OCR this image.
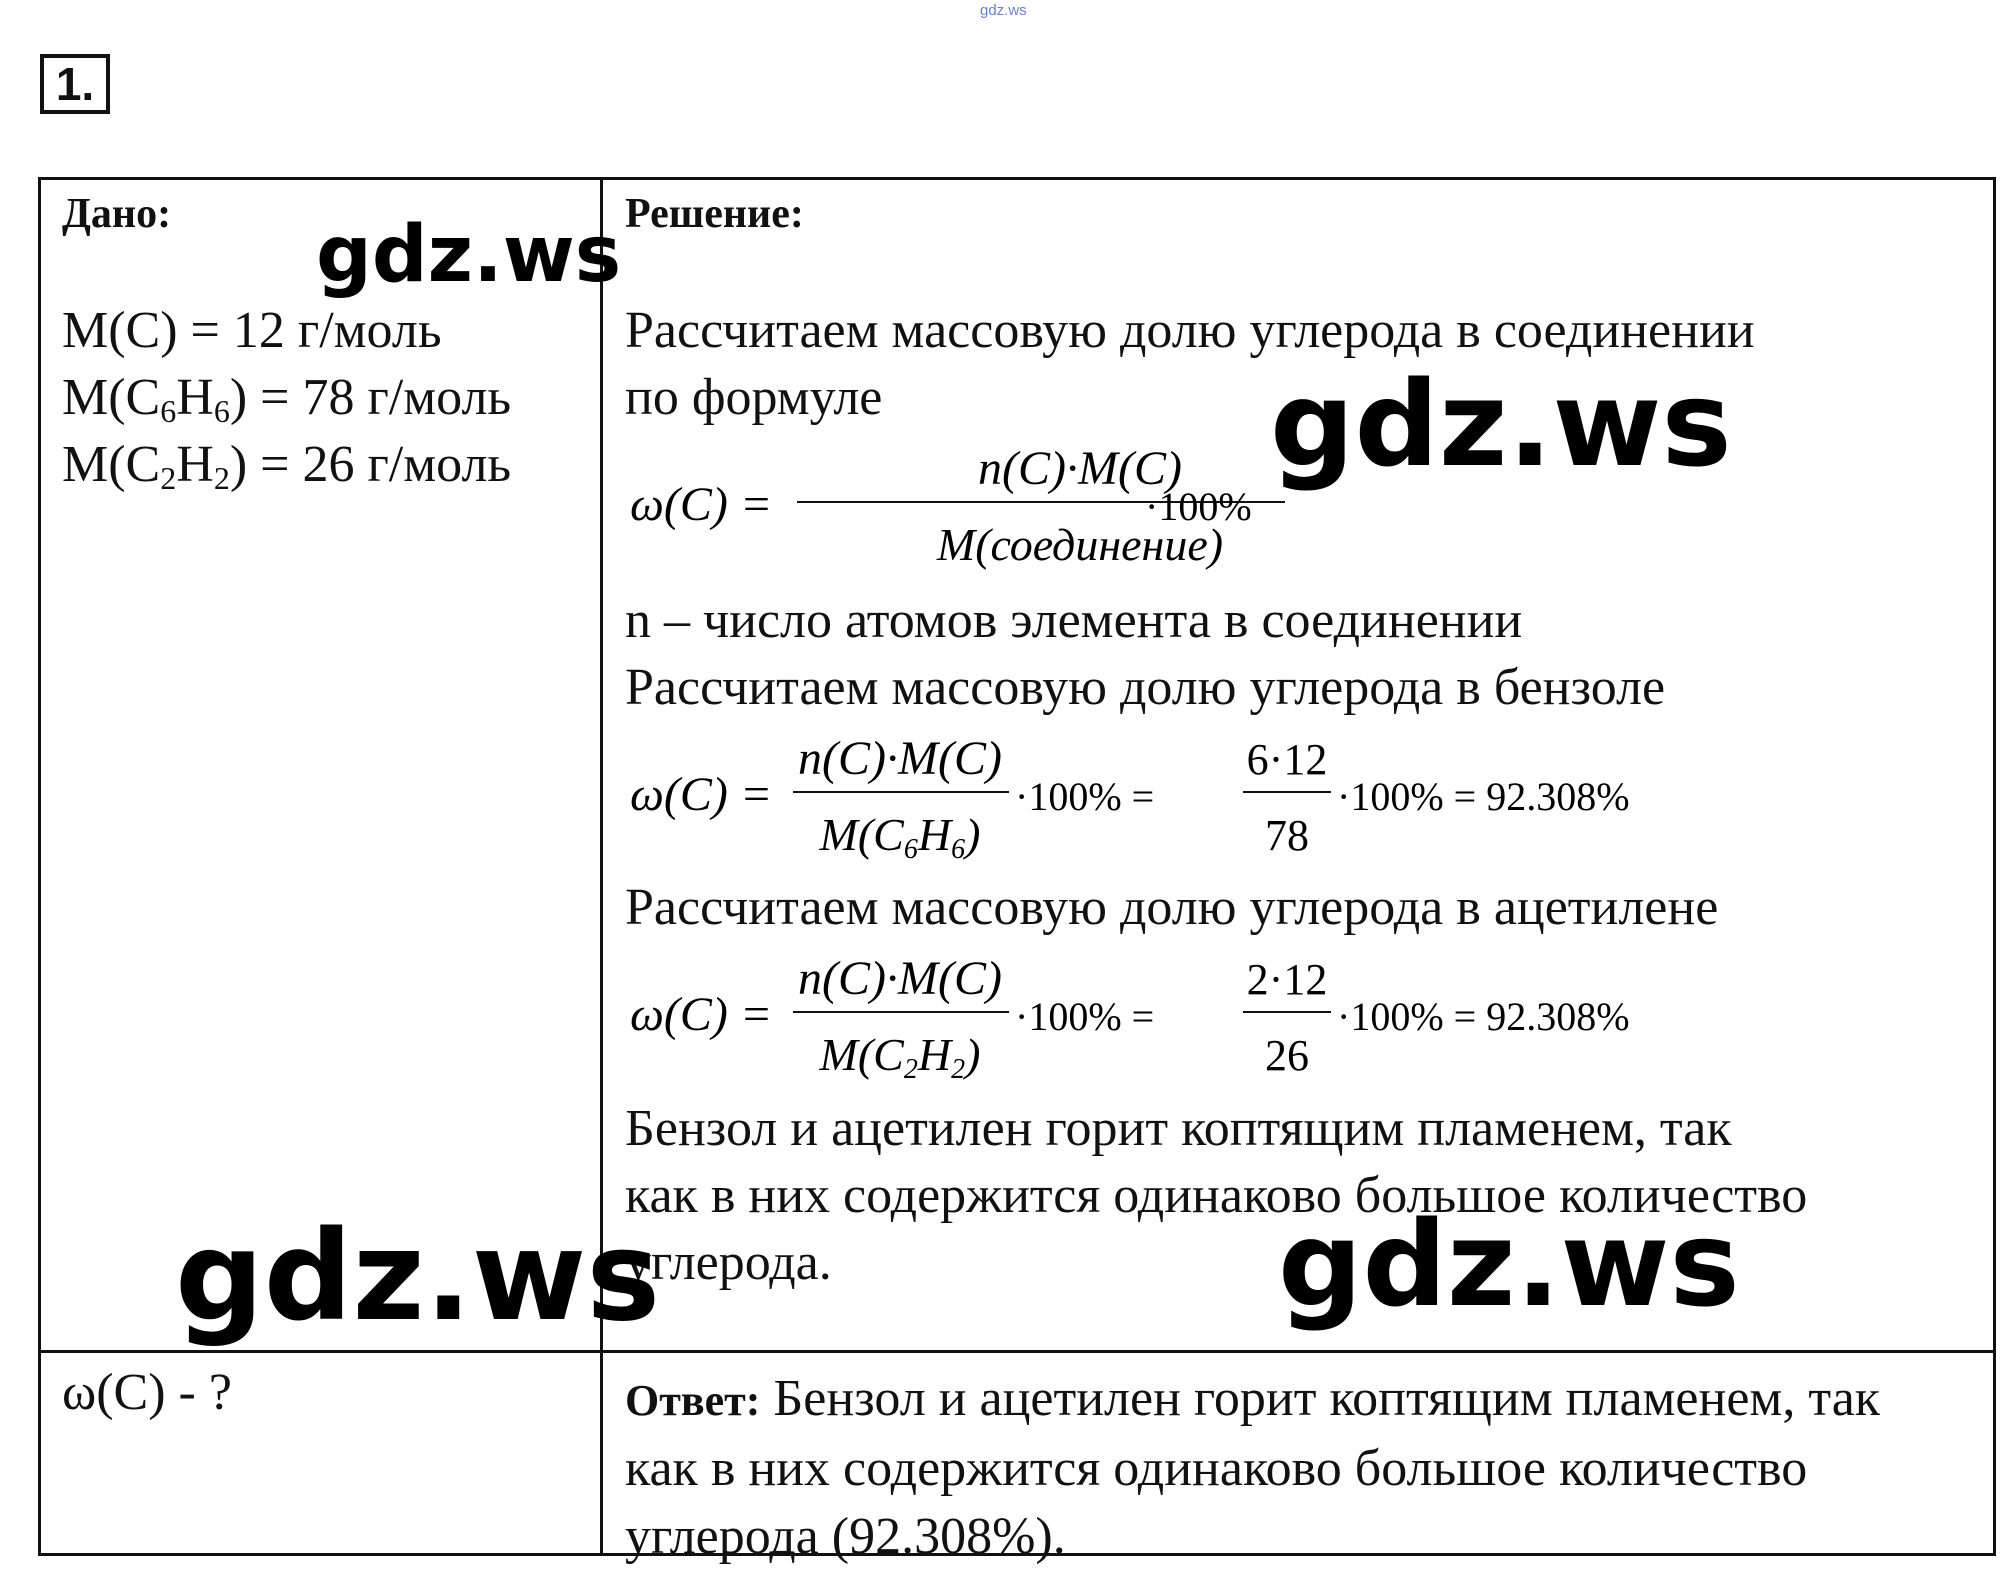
gdz.ws
1.
Дано:
M(C) = 12 г/моль
$M(C_6H_6) = 78$ г/моль
$M(C_2H_2) = 26$ г/моль
ω(C) - ?
Решение:
Рассчитаем массовую долю углерода в соединении
по формуле
ω(C) =
n(C)·M(C)
M(соединение)
·100%
n – число атомов элемента в соединении
Рассчитаем массовую долю углерода в бензоле
ω(C) =
n(C)·M(C)
M(C6H6)
·100% =
6·12
78
·100% = 92.308%
Рассчитаем массовую долю углерода в ацетилене
ω(C) =
n(C)·M(C)
M(C2H2)
·100% =
2·12
26
·100% = 92.308%
Бензол и ацетилен горит коптящим пламенем, так
как в них содержится одинаково большое количество
углерода.
Ответ: Бензол и ацетилен горит коптящим пламенем, так как в них содержится одинаково большое количество углерода (92.308%).
gdz.ws
gdz.ws
gdz.ws	gdz.ws
